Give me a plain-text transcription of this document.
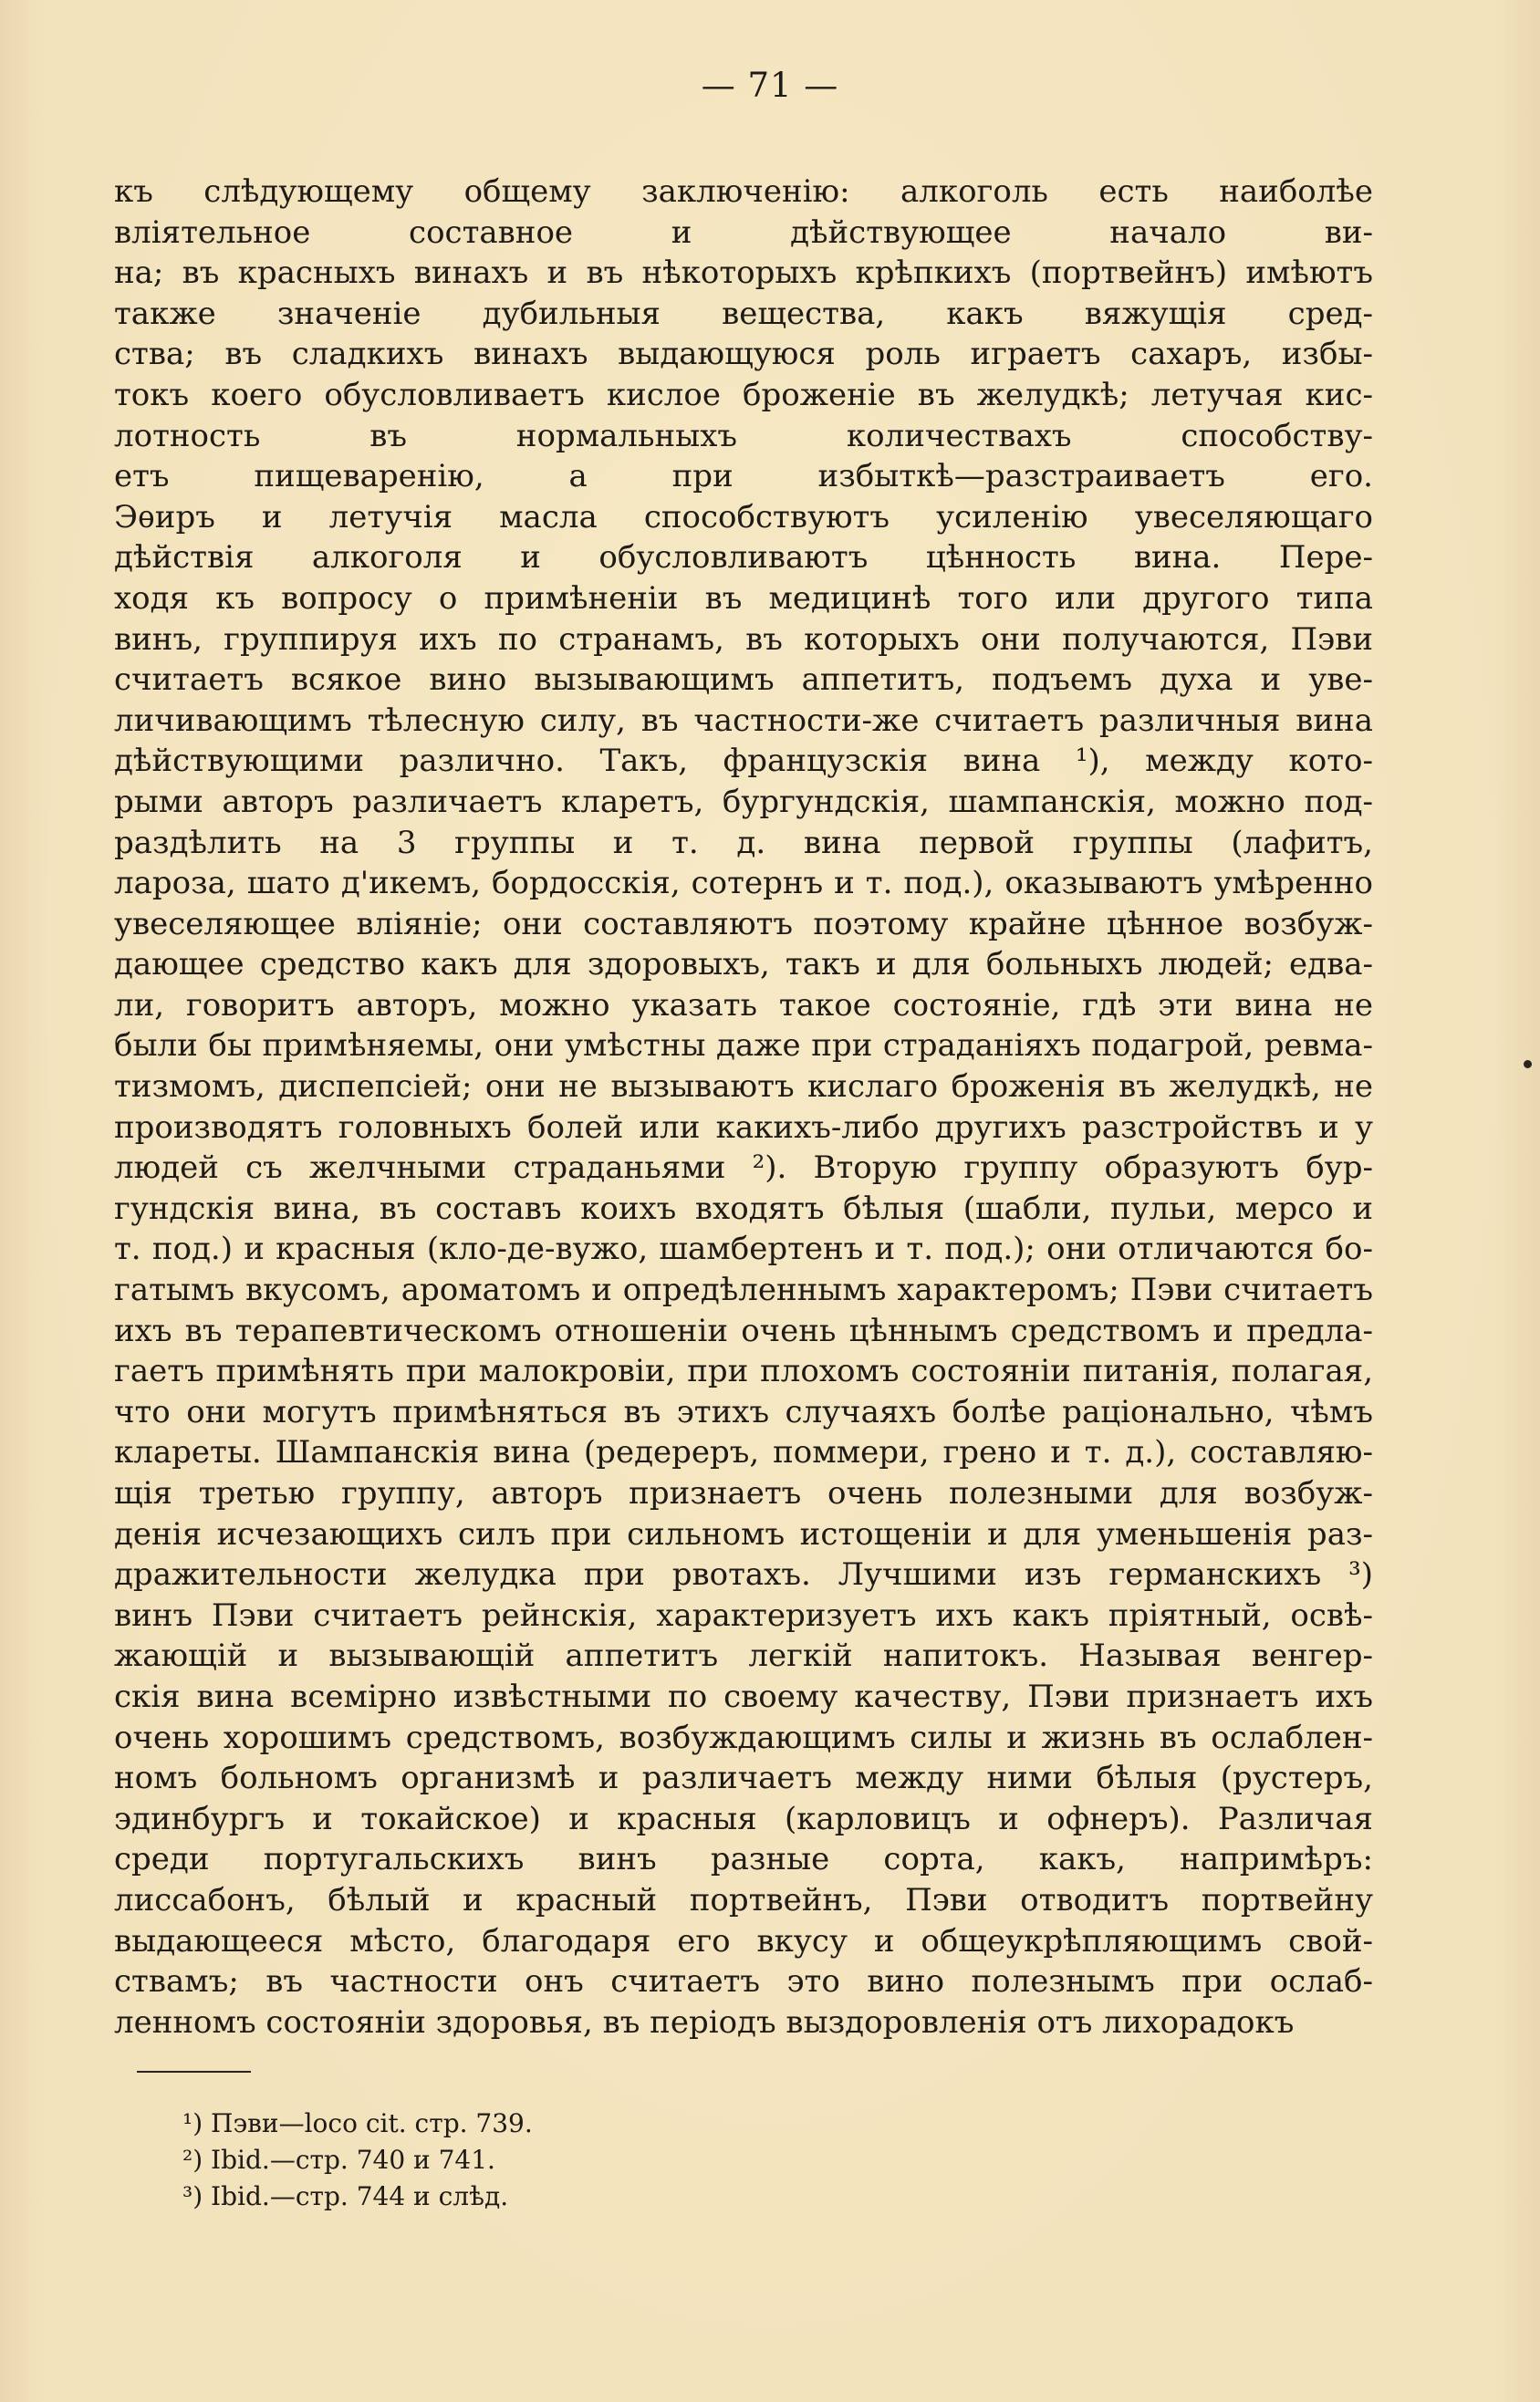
— 71 —
къ слѣдующему общему заключенію: алкоголь есть наиболѣе
вліятельное составное и дѣйствующее начало ви-
на; въ красныхъ винахъ и въ нѣкоторыхъ крѣпкихъ (портвейнъ) имѣютъ
также значеніе дубильныя вещества, какъ вяжущія сред-
ства; въ сладкихъ винахъ выдающуюся роль играетъ сахаръ, избы-
токъ коего обусловливаетъ кислое броженіе въ желудкѣ; летучая кис-
лотность въ нормальныхъ количествахъ способству-
етъ пищеваренію, а при избыткѣ—разстраиваетъ его.
Эѳиръ и летучія масла способствуютъ усиленію увеселяющаго
дѣйствія алкоголя и обусловливаютъ цѣнность вина. Пере-
ходя къ вопросу о примѣненіи въ медицинѣ того или другого типа
винъ, группируя ихъ по странамъ, въ которыхъ они получаются, Пэви
считаетъ всякое вино вызывающимъ аппетитъ, подъемъ духа и уве-
личивающимъ тѣлесную силу, въ частности-же считаетъ различныя вина
дѣйствующими различно. Такъ, французскія вина ¹), между кото-
рыми авторъ различаетъ кларетъ, бургундскія, шампанскія, можно под-
раздѣлить на 3 группы и т. д. вина первой группы (лафитъ,
лароза, шато д'икемъ, бордосскія, сотернъ и т. под.), оказываютъ умѣренно
увеселяющее вліяніе; они составляютъ поэтому крайне цѣнное возбуж-
дающее средство какъ для здоровыхъ, такъ и для больныхъ людей; едва-
ли, говоритъ авторъ, можно указать такое состояніе, гдѣ эти вина не
были бы примѣняемы, они умѣстны даже при страданіяхъ подагрой, ревма-
тизмомъ, диспепсіей; они не вызываютъ кислаго броженія въ желудкѣ, не
производятъ головныхъ болей или какихъ-либо другихъ разстройствъ и у
людей съ желчными страданьями ²). Вторую группу образуютъ бур-
гундскія вина, въ составъ коихъ входятъ бѣлыя (шабли, пульи, мерсо и
т. под.) и красныя (кло-де-вужо, шамбертенъ и т. под.); они отличаются бо-
гатымъ вкусомъ, ароматомъ и опредѣленнымъ характеромъ; Пэви считаетъ
ихъ въ терапевтическомъ отношеніи очень цѣннымъ средствомъ и предла-
гаетъ примѣнять при малокровіи, при плохомъ состояніи питанія, полагая,
что они могутъ примѣняться въ этихъ случаяхъ болѣе раціонально, чѣмъ
клареты. Шампанскія вина (редереръ, поммери, грено и т. д.), составляю-
щія третью группу, авторъ признаетъ очень полезными для возбуж-
денія исчезающихъ силъ при сильномъ истощеніи и для уменьшенія раз-
дражительности желудка при рвотахъ. Лучшими изъ германскихъ ³)
винъ Пэви считаетъ рейнскія, характеризуетъ ихъ какъ пріятный, освѣ-
жающій и вызывающій аппетитъ легкій напитокъ. Называя венгер-
скія вина всемірно извѣстными по своему качеству, Пэви признаетъ ихъ
очень хорошимъ средствомъ, возбуждающимъ силы и жизнь въ ослаблен-
номъ больномъ организмѣ и различаетъ между ними бѣлыя (рустеръ,
эдинбургъ и токайское) и красныя (карловицъ и офнеръ). Различая
среди португальскихъ винъ разные сорта, какъ, напримѣръ:
лиссабонъ, бѣлый и красный портвейнъ, Пэви отводитъ портвейну
выдающееся мѣсто, благодаря его вкусу и общеукрѣпляющимъ свой-
ствамъ; въ частности онъ считаетъ это вино полезнымъ при ослаб-
ленномъ состояніи здоровья, въ періодъ выздоровленія отъ лихорадокъ
¹) Пэви—loco cit. стр. 739.
²) Ibid.—стр. 740 и 741.
³) Ibid.—стр. 744 и слѣд.
